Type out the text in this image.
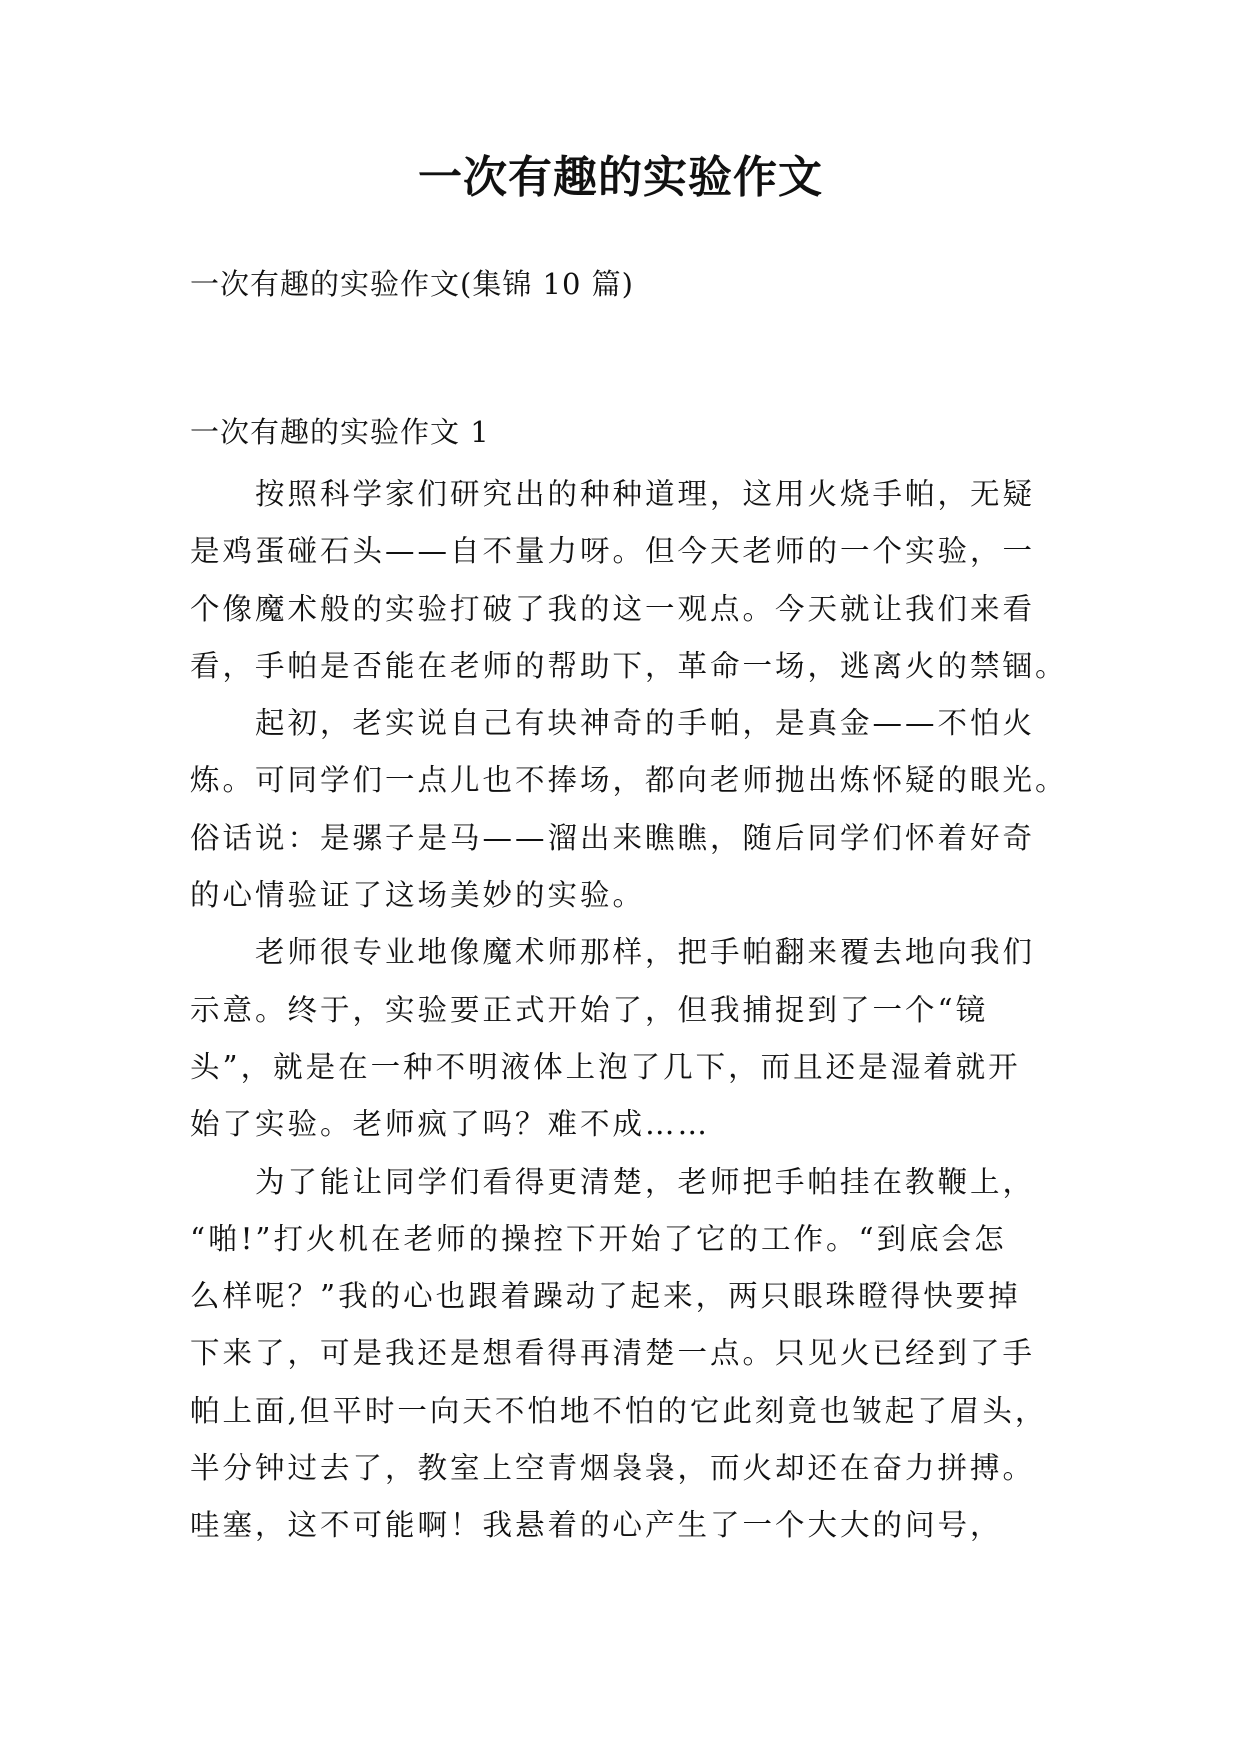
一次有趣的实验作文

一次有趣的实验作文(集锦 10 篇)

一次有趣的实验作文 1

按照科学家们研究出的种种道理，这用火烧手帕，无疑
是鸡蛋碰石头——自不量力呀。但今天老师的一个实验，一
个像魔术般的实验打破了我的这一观点。今天就让我们来看
看，手帕是否能在老师的帮助下，革命一场，逃离火的禁锢。

起初，老实说自己有块神奇的手帕，是真金——不怕火
炼。可同学们一点儿也不捧场，都向老师抛出炼怀疑的眼光。
俗话说：是骡子是马——溜出来瞧瞧，随后同学们怀着好奇
的心情验证了这场美妙的实验。

老师很专业地像魔术师那样，把手帕翻来覆去地向我们
示意。终于，实验要正式开始了，但我捕捉到了一个“镜
头”，就是在一种不明液体上泡了几下，而且还是湿着就开
始了实验。老师疯了吗？难不成……

为了能让同学们看得更清楚，老师把手帕挂在教鞭上，
“啪!”打火机在老师的操控下开始了它的工作。“到底会怎
么样呢？”我的心也跟着躁动了起来，两只眼珠瞪得快要掉
下来了，可是我还是想看得再清楚一点。只见火已经到了手
帕上面,但平时一向天不怕地不怕的它此刻竟也皱起了眉头，
半分钟过去了，教室上空青烟袅袅，而火却还在奋力拼搏。
哇塞，这不可能啊！我悬着的心产生了一个大大的问号，
